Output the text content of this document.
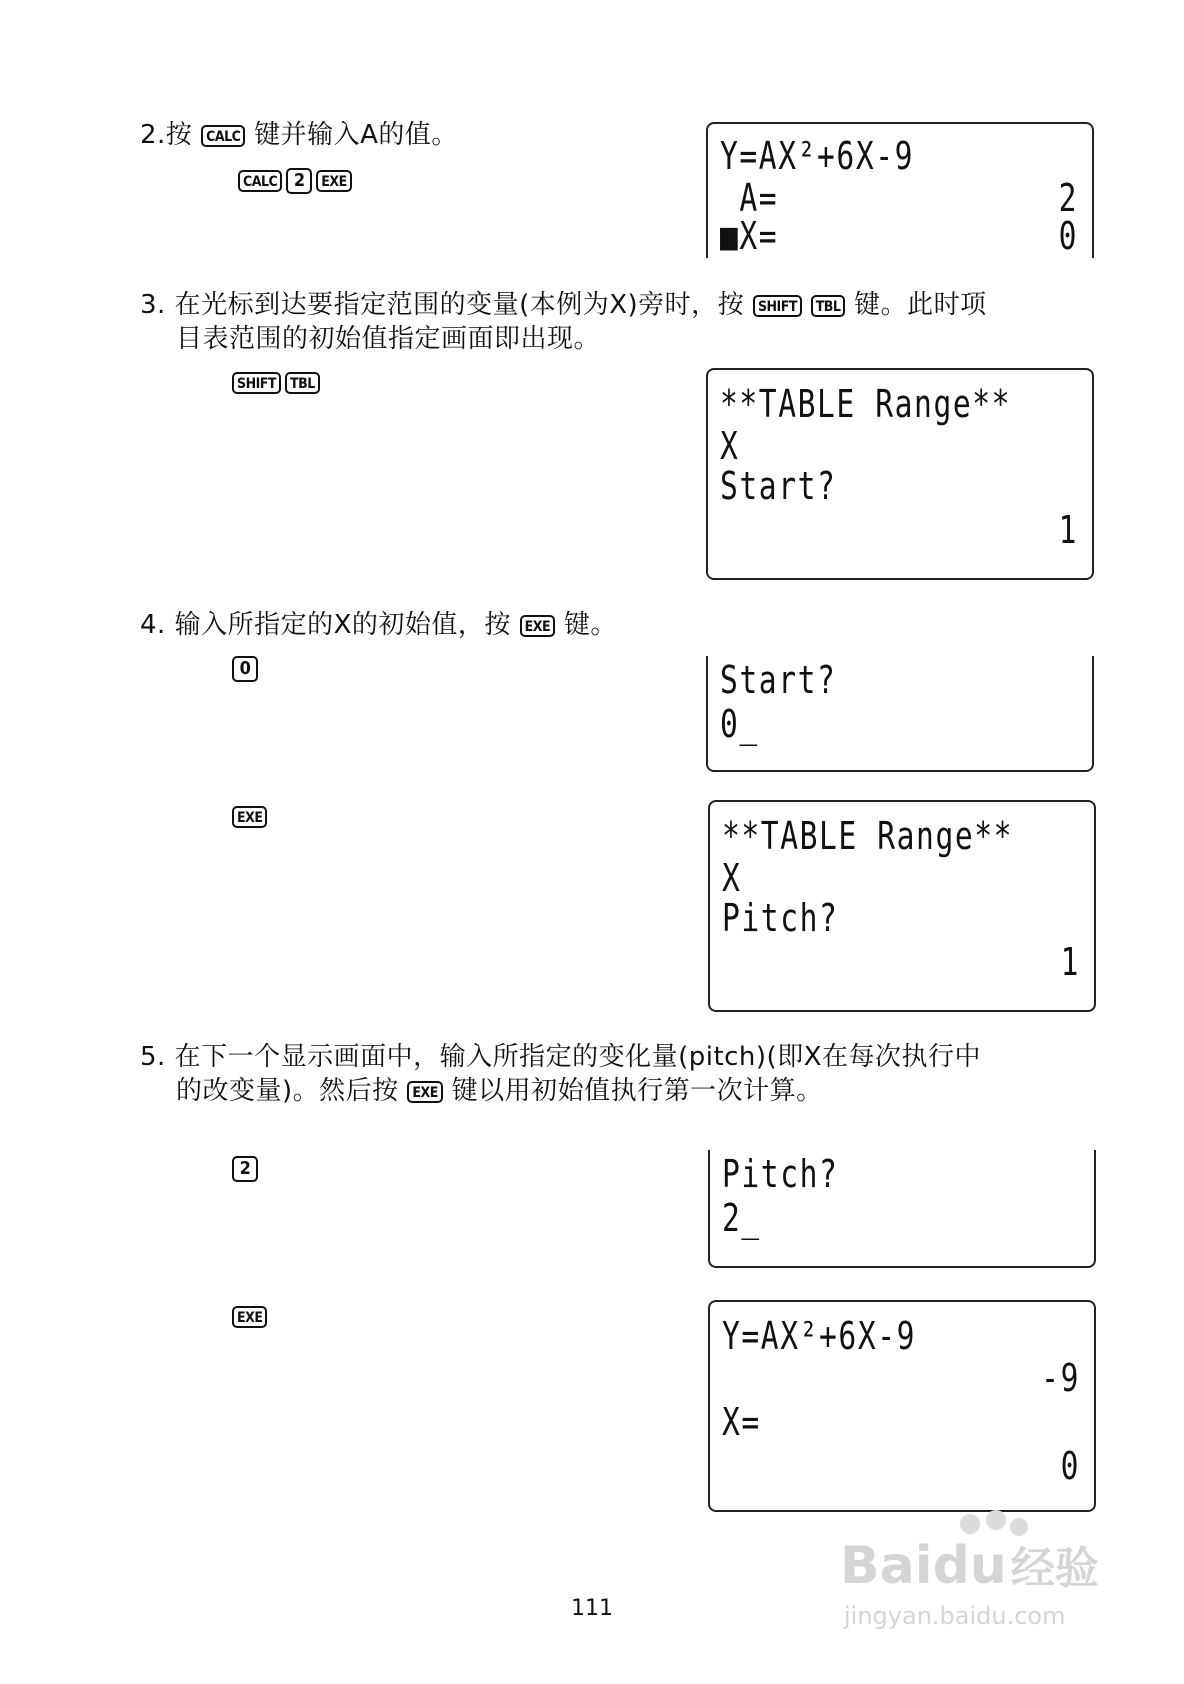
2.按 CALC 键并输入A的值。
CALC 2 EXE
Y=AX²+6X-9
A=	2
■X=	0
3. 在光标到达要指定范围的变量(本例为X)旁时，按 SHIFT TBL 键。此时项
目表范围的初始值指定画面即出现。
SHIFT TBL	**TABLE Range**
X
Start?
1
4. 输入所指定的X的初始值，按 EXE 键。
0	Start?
0_
EXE	**TABLE Range**
X
Pitch?
1
5. 在下一个显示画面中，输入所指定的变化量(pitch)(即X在每次执行中
的改变量)。然后按 EXE 键以用初始值执行第一次计算。
2	Pitch?
2_
EXE	Y=AX²+6X-9
-9
X=
0
111
Baidu经验
jingyan.baidu.com
